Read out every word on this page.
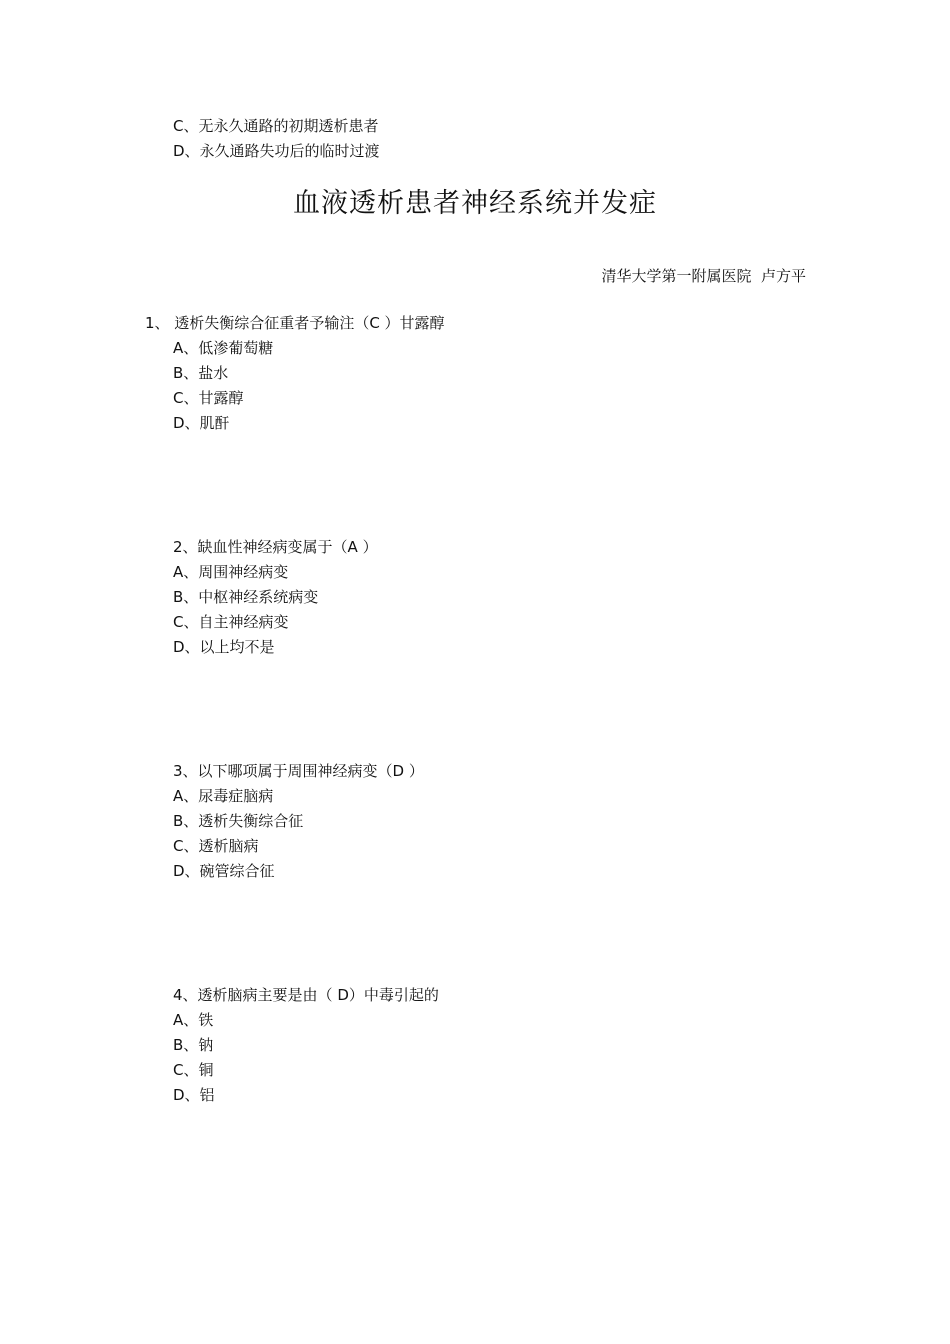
C、无永久通路的初期透析患者
D、永久通路失功后的临时过渡
血液透析患者神经系统并发症
清华大学第一附属医院  卢方平
1、 透析失衡综合征重者予输注（C ）甘露醇
A、低渗葡萄糖
B、盐水
C、甘露醇
D、肌酐
2、缺血性神经病变属于（A ）
A、周围神经病变
B、中枢神经系统病变
C、自主神经病变
D、以上均不是
3、以下哪项属于周围神经病变（D ）
A、尿毒症脑病
B、透析失衡综合征
C、透析脑病
D、碗管综合征
4、透析脑病主要是由（ D）中毒引起的
A、铁
B、钠
C、铜
D、铝
